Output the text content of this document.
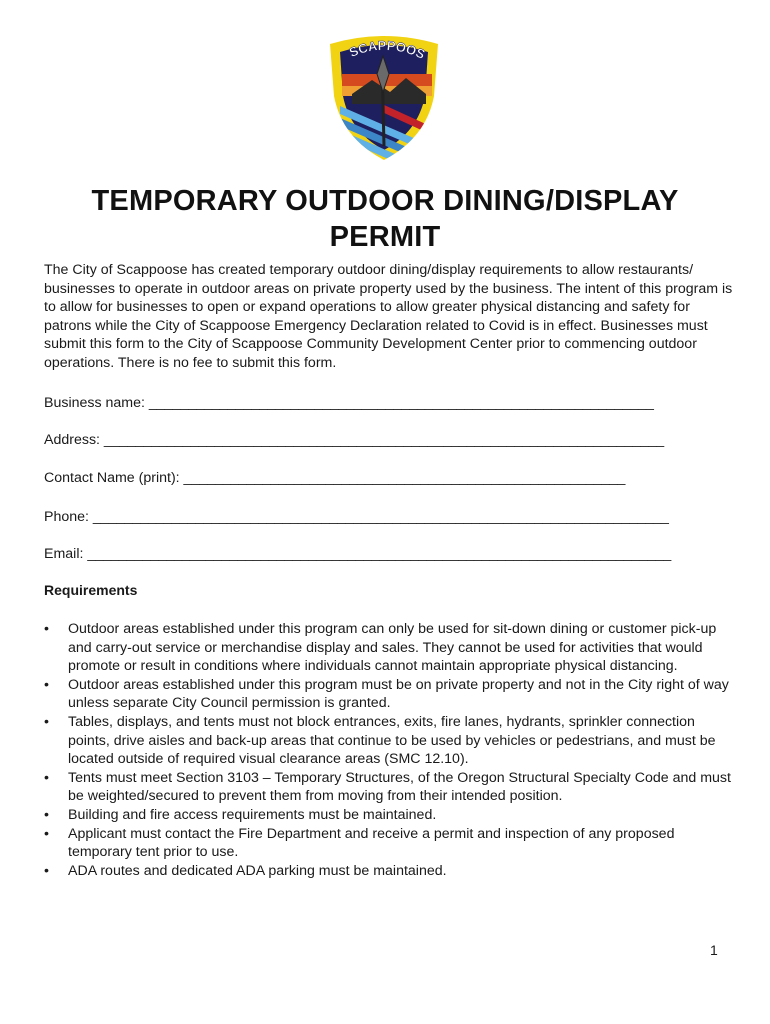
SCAPPOOS
TEMPORARY OUTDOOR DINING/DISPLAY PERMIT
The City of Scappoose has created temporary outdoor dining/display requirements to allow restaurants/ businesses to operate in outdoor areas on private property used by the business. The intent of this program is to allow for businesses to open or expand operations to allow greater physical distancing and safety for patrons while the City of Scappoose Emergency Declaration related to Covid is in effect. Businesses must submit this form to the City of Scappoose Community Development Center prior to commencing outdoor operations. There is no fee to submit this form.
Business name: ________________________________________________________________
Address: _______________________________________________________________________
Contact Name (print): ________________________________________________________
Phone: _________________________________________________________________________
Email: __________________________________________________________________________
Requirements
•	Outdoor areas established under this program can only be used for sit-down dining or customer pick-up and carry-out service or merchandise display and sales. They cannot be used for activities that would promote or result in conditions where individuals cannot maintain appropriate physical distancing.
•	Outdoor areas established under this program must be on private property and not in the City right of way unless separate City Council permission is granted.
•	Tables, displays, and tents must not block entrances, exits, fire lanes, hydrants, sprinkler connection points, drive aisles and back-up areas that continue to be used by vehicles or pedestrians, and must be located outside of required visual clearance areas (SMC 12.10).
•	Tents must meet Section 3103 – Temporary Structures, of the Oregon Structural Specialty Code and must be weighted/secured to prevent them from moving from their intended position.
•	Building and fire access requirements must be maintained.
•	Applicant must contact the Fire Department and receive a permit and inspection of any proposed temporary tent prior to use.
•	ADA routes and dedicated ADA parking must be maintained.
1
